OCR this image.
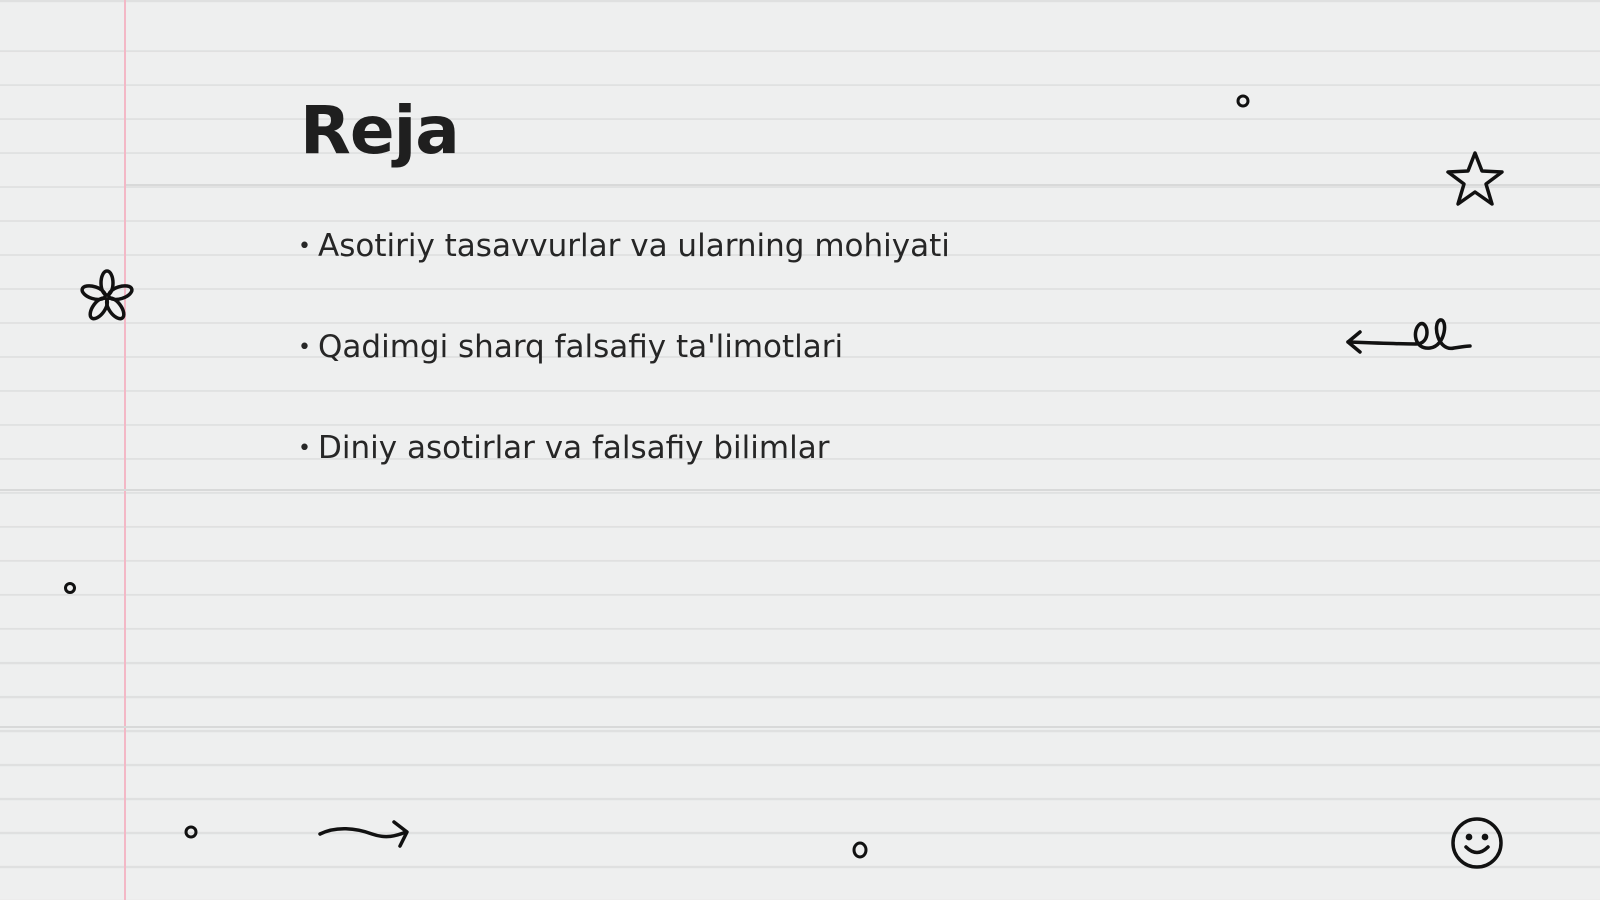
Reja
• Asotiriy tasavvurlar va ularning mohiyati
• Qadimgi sharq falsafiy ta'limotlari
• Diniy asotirlar va falsafiy bilimlar
